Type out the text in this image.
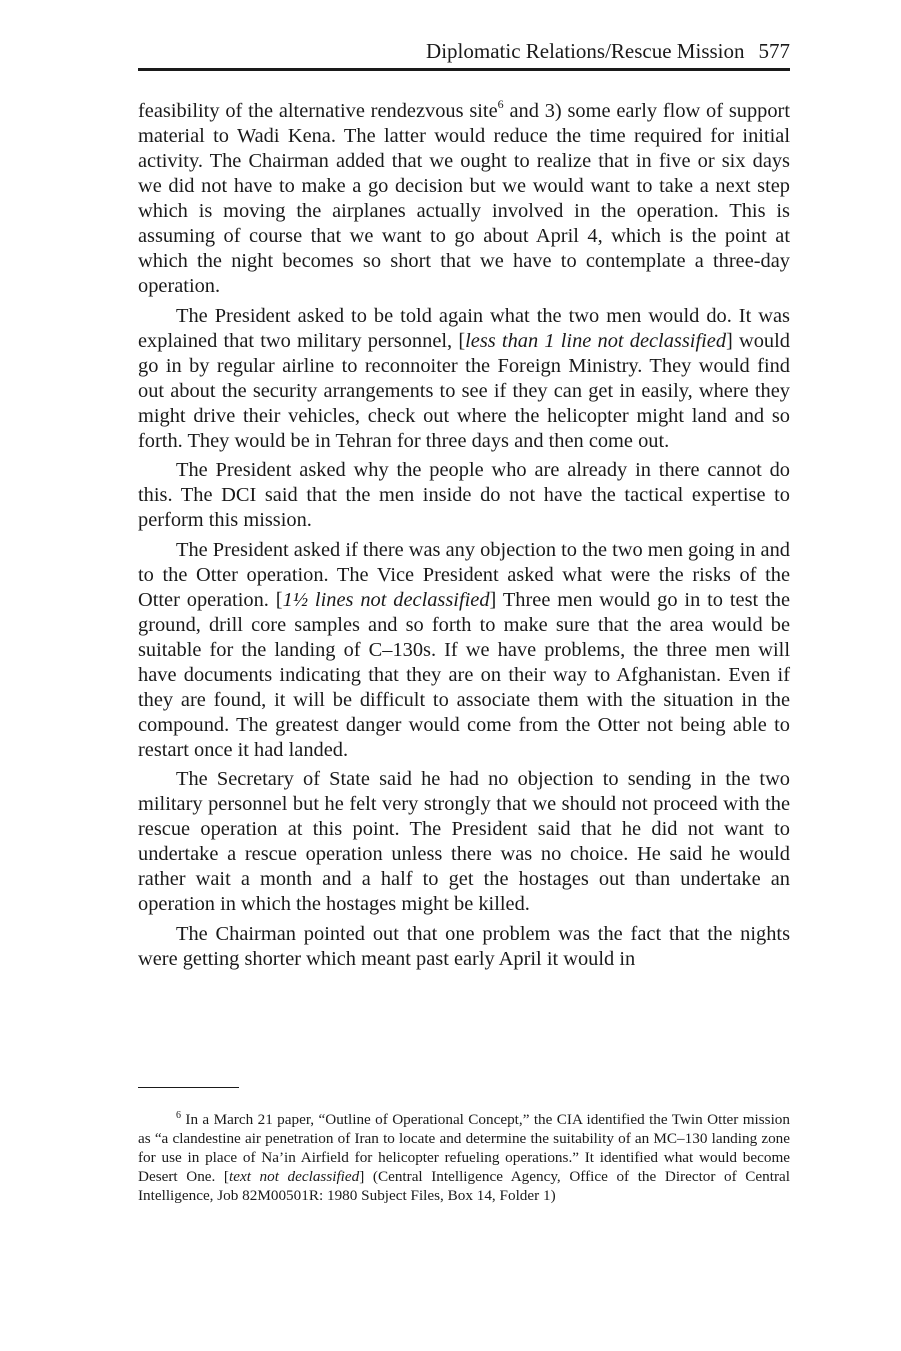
Diplomatic Relations/Rescue Mission 577

feasibility of the alternative rendezvous site$^6$ and 3) some early flow of support material to Wadi Kena. The latter would reduce the time required for initial activity. The Chairman added that we ought to realize that in five or six days we did not have to make a go decision but we would want to take a next step which is moving the airplanes actually involved in the operation. This is assuming of course that we want to go about April 4, which is the point at which the night becomes so short that we have to contemplate a three-day operation.

The President asked to be told again what the two men would do. It was explained that two military personnel, [less than 1 line not declassified] would go in by regular airline to reconnoiter the Foreign Ministry. They would find out about the security arrangements to see if they can get in easily, where they might drive their vehicles, check out where the helicopter might land and so forth. They would be in Tehran for three days and then come out.

The President asked why the people who are already in there cannot do this. The DCI said that the men inside do not have the tactical expertise to perform this mission.

The President asked if there was any objection to the two men going in and to the Otter operation. The Vice President asked what were the risks of the Otter operation. [1½ lines not declassified] Three men would go in to test the ground, drill core samples and so forth to make sure that the area would be suitable for the landing of C–130s. If we have problems, the three men will have documents indicating that they are on their way to Afghanistan. Even if they are found, it will be difficult to associate them with the situation in the compound. The greatest danger would come from the Otter not being able to restart once it had landed.

The Secretary of State said he had no objection to sending in the two military personnel but he felt very strongly that we should not proceed with the rescue operation at this point. The President said that he did not want to undertake a rescue operation unless there was no choice. He said he would rather wait a month and a half to get the hostages out than undertake an operation in which the hostages might be killed.

The Chairman pointed out that one problem was the fact that the nights were getting shorter which meant past early April it would in

$^6$ In a March 21 paper, “Outline of Operational Concept,” the CIA identified the Twin Otter mission as “a clandestine air penetration of Iran to locate and determine the suitability of an MC–130 landing zone for use in place of Na’in Airfield for helicopter refueling operations.” It identified what would become Desert One. [text not declassified] (Central Intelligence Agency, Office of the Director of Central Intelligence, Job 82M00501R: 1980 Subject Files, Box 14, Folder 1)
